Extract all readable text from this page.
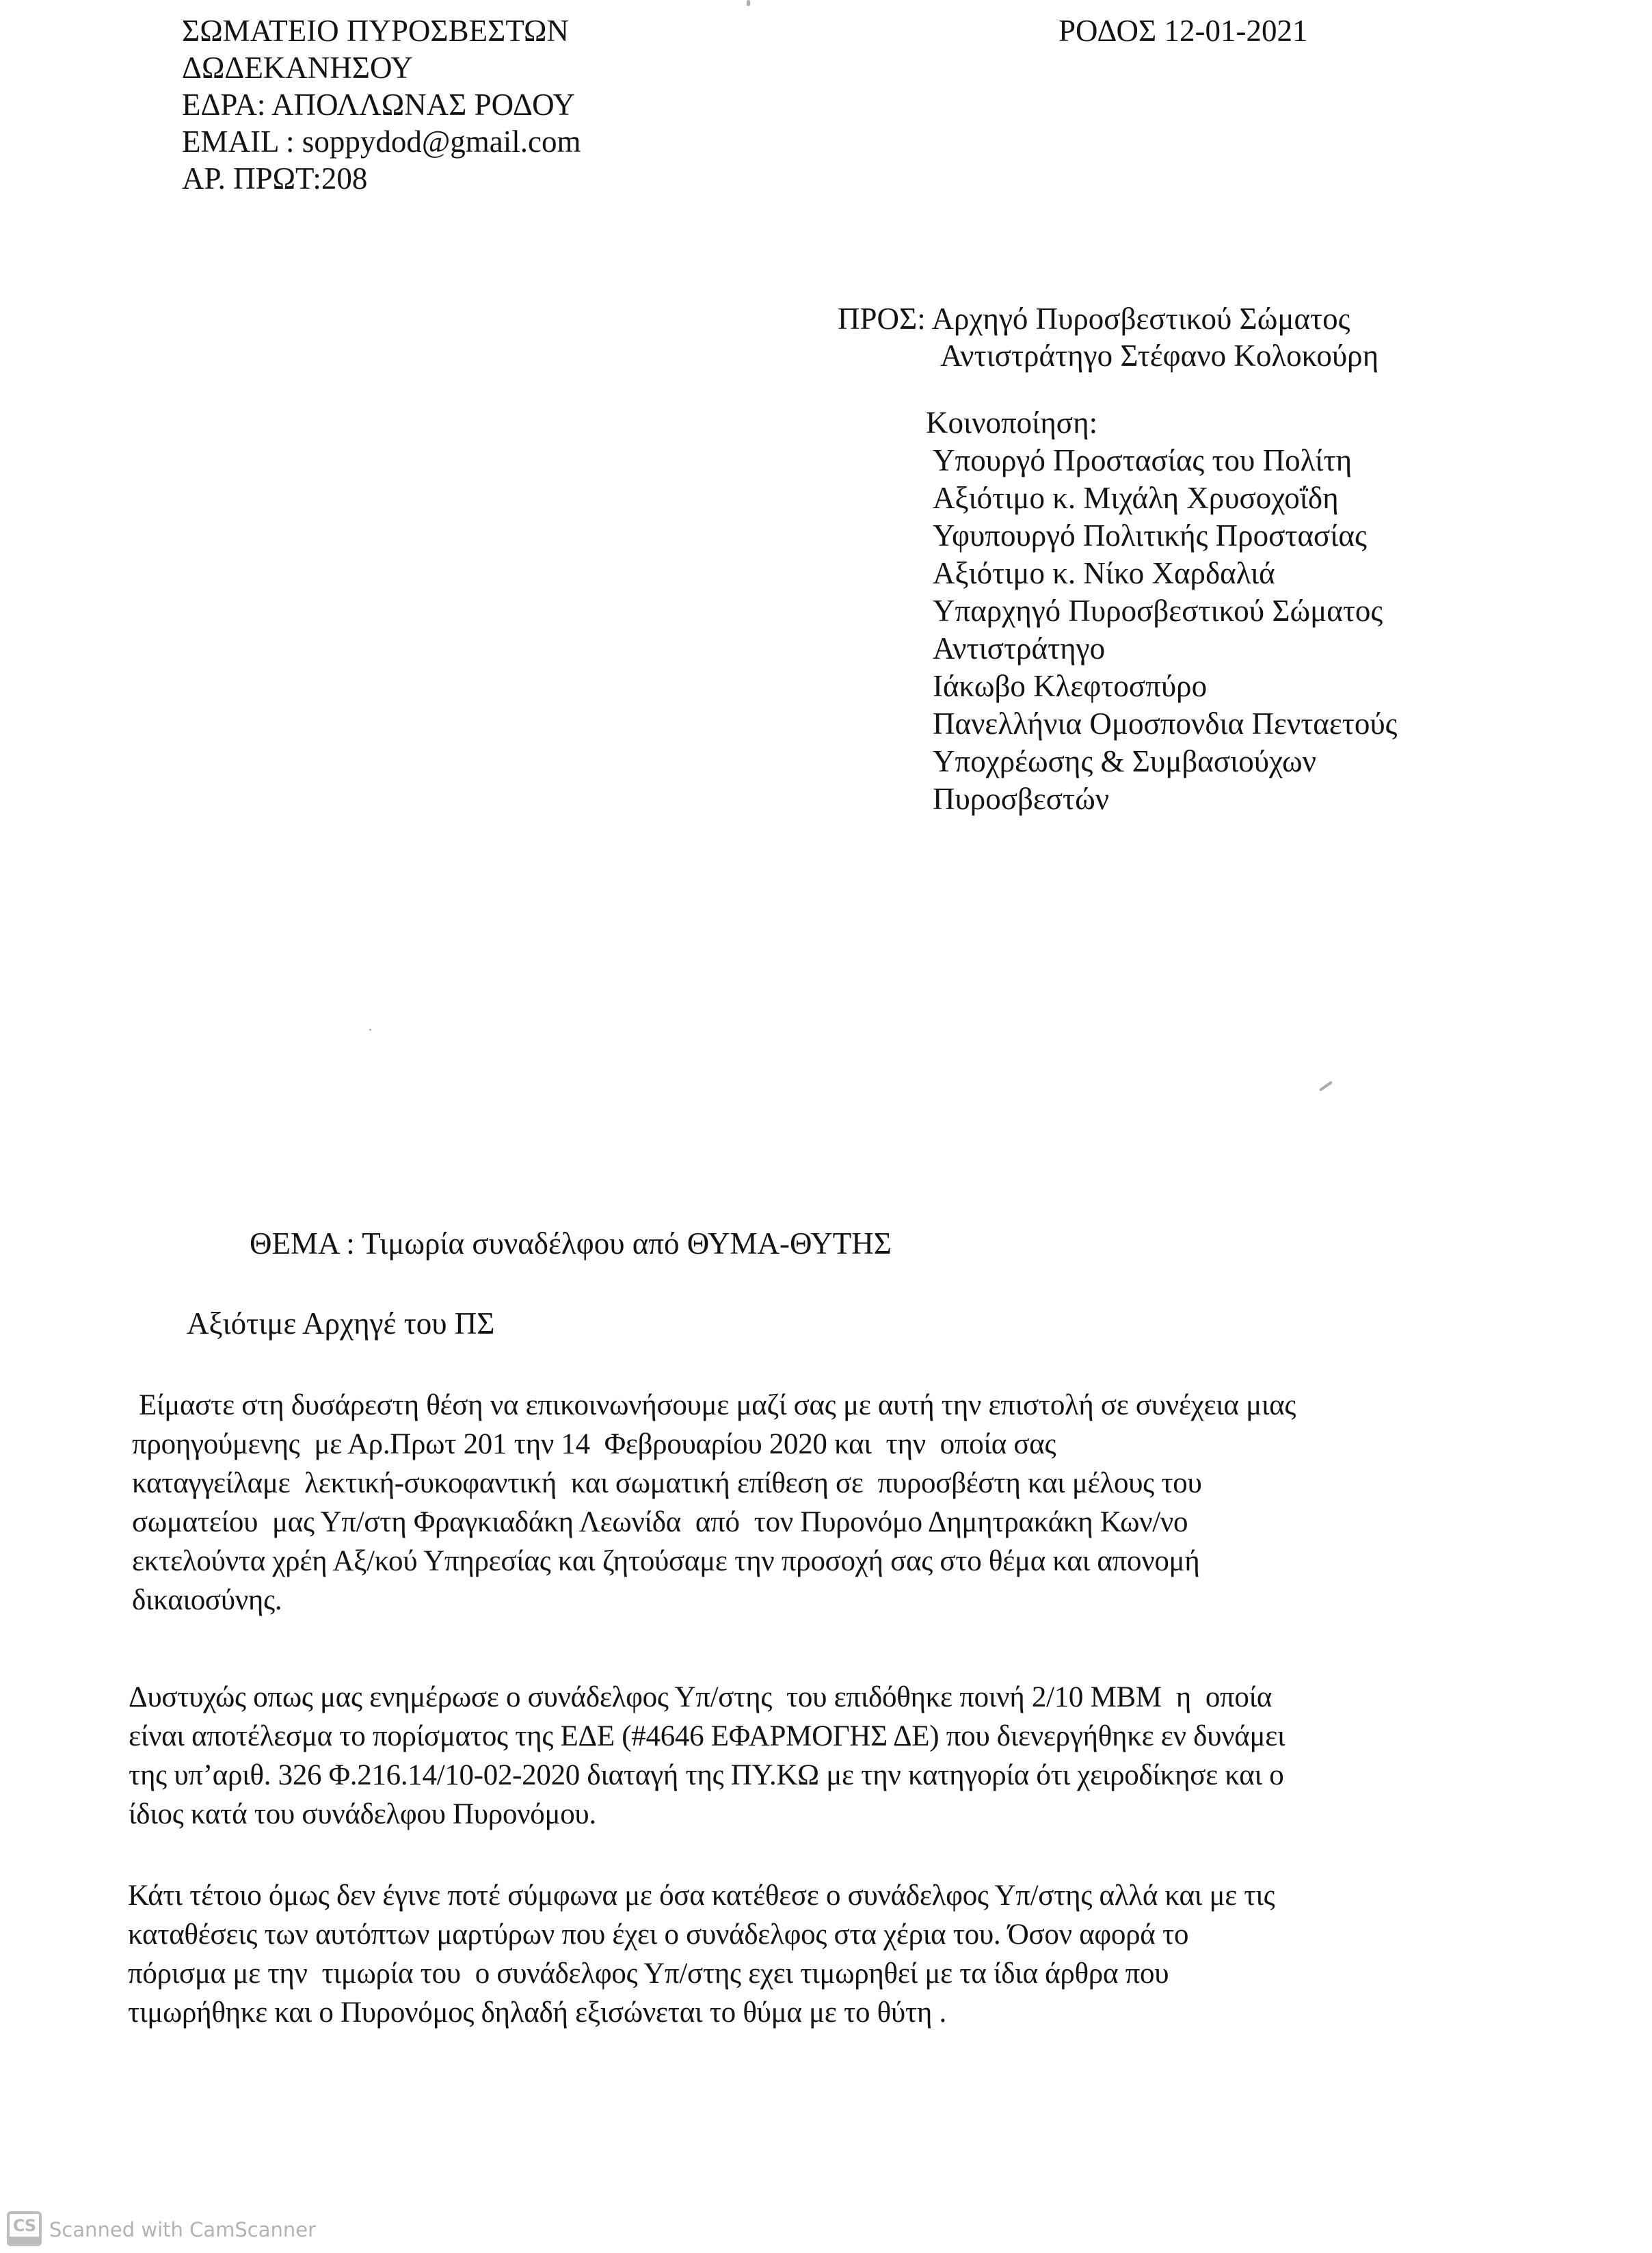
ΣΩΜΑΤΕΙΟ ΠΥΡΟΣΒΕΣΤΩΝ
ΔΩΔΕΚΑΝΗΣΟΥ
ΕΔΡΑ: ΑΠΟΛΛΩΝΑΣ ΡΟΔΟΥ
EMAIL : soppydod@gmail.com
ΑΡ. ΠΡΩΤ:208
ΡΟΔΟΣ 12-01-2021
ΠΡΟΣ: Αρχηγό Πυροσβεστικού Σώματος
Αντιστράτηγο Στέφανο Κολοκούρη
Κοινοποίηση:
Υπουργό Προστασίας του Πολίτη
Αξιότιμο κ. Μιχάλη Χρυσοχοΐδη
Υφυπουργό Πολιτικής Προστασίας
Αξιότιμο κ. Νίκο Χαρδαλιά
Υπαρχηγό Πυροσβεστικού Σώματος
Αντιστράτηγο
Ιάκωβο Κλεφτοσπύρο
Πανελλήνια Ομοσπονδια Πενταετούς
Υποχρέωσης & Συμβασιούχων
Πυροσβεστών
ΘΕΜΑ : Τιμωρία συναδέλφου από ΘΥΜΑ-ΘΥΤΗΣ
Αξιότιμε Αρχηγέ του ΠΣ
Είμαστε στη δυσάρεστη θέση να επικοινωνήσουμε μαζί σας με αυτή την επιστολή σε συνέχεια μιας
προηγούμενης  με Αρ.Πρωτ 201 την 14  Φεβρουαρίου 2020 και  την  οποία σας
καταγγείλαμε  λεκτική-συκοφαντική  και σωματική επίθεση σε  πυροσβέστη και μέλους του
σωματείου  μας Υπ/στη Φραγκιαδάκη Λεωνίδα  από  τον Πυρονόμο Δημητρακάκη Κων/νο
εκτελούντα χρέη Αξ/κού Υπηρεσίας και ζητούσαμε την προσοχή σας στο θέμα και απονομή
δικαιοσύνης.
Δυστυχώς οπως μας ενημέρωσε ο συνάδελφος Υπ/στης  του επιδόθηκε ποινή 2/10 MBM  η  οποία
είναι αποτέλεσμα το πορίσματος της ΕΔΕ (#4646 ΕΦΑΡΜΟΓΗΣ ΔΕ) που διενεργήθηκε εν δυνάμει
της υπ’αριθ. 326 Φ.216.14/10-02-2020 διαταγή της ΠΥ.ΚΩ με την κατηγορία ότι χειροδίκησε και ο
ίδιος κατά του συνάδελφου Πυρονόμου.
Κάτι τέτοιο όμως δεν έγινε ποτέ σύμφωνα με όσα κατέθεσε ο συνάδελφος Υπ/στης αλλά και με τις
καταθέσεις των αυτόπτων μαρτύρων που έχει ο συνάδελφος στα χέρια του. Όσον αφορά το
πόρισμα με την  τιμωρία του  ο συνάδελφος Υπ/στης εχει τιμωρηθεί με τα ίδια άρθρα που
τιμωρήθηκε και ο Πυρονόμος δηλαδή εξισώνεται το θύμα με το θύτη .
CS Scanned with CamScanner
